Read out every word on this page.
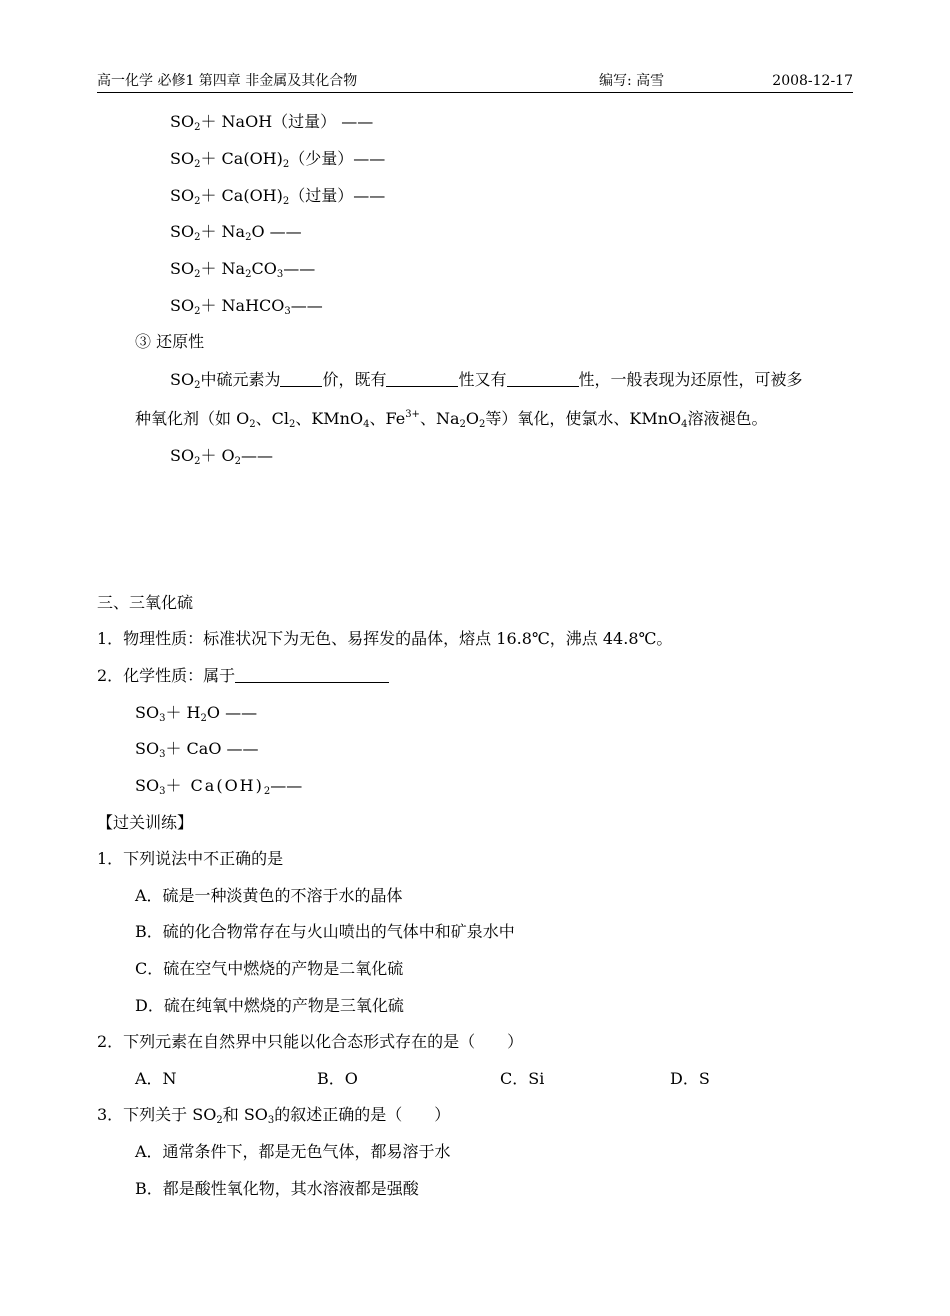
高一化学 必修1 第四章 非金属及其化合物	编写: 高雪	2008-12-17
$SO_2+$ NaOH（过量） ——
$SO_2+ Ca(OH)_2$（少量）——
$SO_2+ Ca(OH)_2$（过量）——
$SO_2+ Na_2O$ ——
$SO_2+$ $Na_2CO_3——$
$SO_2+$ NaHCO$_3$——
③ 还原性
$SO_2$中硫元素为	价，既有	性又有	性，一般表现为还原性，可被多
种氧化剂（如 $O_2$、$Cl_2$、KMnO$_4$、$Fe^{3+}$、$Na_2O_2$等）氧化，使氯水、KMnO$_4$溶液褪色。
$SO_2+$ $O_2——$
三、三氧化硫
1．物理性质：标准状况下为无色、易挥发的晶体，熔点 16.8℃，沸点 44.8℃。
2．化学性质：属于
$SO_3+ H_2O$ ——
$SO_3+$ CaO ——
$SO_3+$ $Ca(OH)_2——$
【过关训练】
1．下列说法中不正确的是
A．硫是一种淡黄色的不溶于水的晶体
B．硫的化合物常存在与火山喷出的气体中和矿泉水中
C．硫在空气中燃烧的产物是二氧化硫
D．硫在纯氧中燃烧的产物是三氧化硫
2．下列元素在自然界中只能以化合态形式存在的是（　　）
A．N	B．O	C．Si	D．S
3．下列关于 $SO_2$和 $SO_3$的叙述正确的是（　　）
A．通常条件下，都是无色气体，都易溶于水
B．都是酸性氧化物，其水溶液都是强酸
